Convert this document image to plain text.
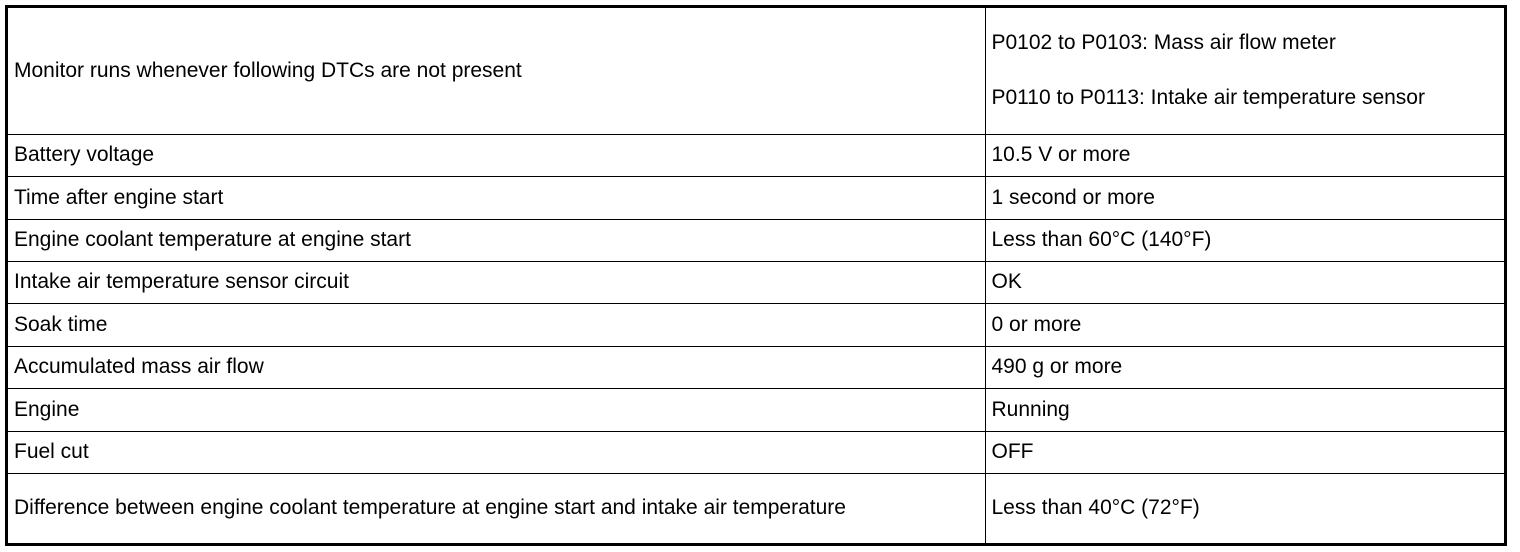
Monitor runs whenever following DTCs are not present	P0102 to P0103: Mass air flow meter
P0110 to P0113: Intake air temperature sensor

Battery voltage	10.5 V or more
Time after engine start	1 second or more
Engine coolant temperature at engine start	Less than 60°C (140°F)
Intake air temperature sensor circuit	OK
Soak time	0 or more
Accumulated mass air flow	490 g or more
Engine	Running
Fuel cut	OFF
Difference between engine coolant temperature at engine start and intake air temperature	Less than 40°C (72°F)
